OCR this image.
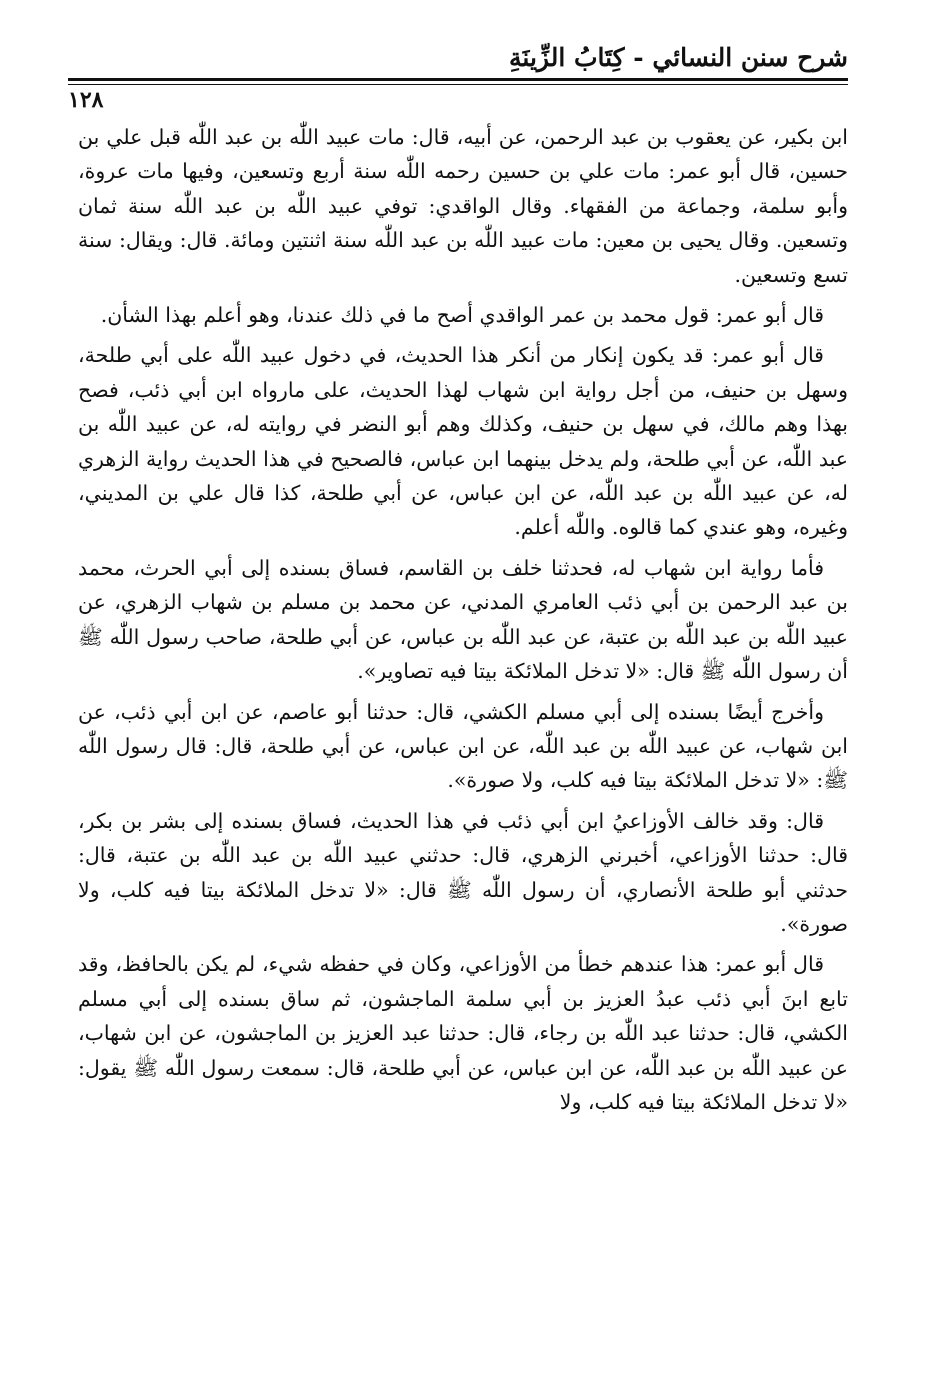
شرح سنن النسائي - كِتَابُ الزِّينَةِ
١٢٨

ابن بكير، عن يعقوب بن عبد الرحمن، عن أبيه، قال: مات عبيد اللّٰه بن عبد اللّٰه قبل علي بن حسين، قال أبو عمر: مات علي بن حسين رحمه اللّٰه سنة أربع وتسعين، وفيها مات عروة، وأبو سلمة، وجماعة من الفقهاء. وقال الواقدي: توفي عبيد اللّٰه بن عبد اللّٰه سنة ثمان وتسعين. وقال يحيى بن معين: مات عبيد اللّٰه بن عبد اللّٰه سنة اثنتين ومائة. قال: ويقال: سنة تسع وتسعين.

قال أبو عمر: قول محمد بن عمر الواقدي أصح ما في ذلك عندنا، وهو أعلم بهذا الشأن.

قال أبو عمر: قد يكون إنكار من أنكر هذا الحديث، في دخول عبيد اللّٰه على أبي طلحة، وسهل بن حنيف، من أجل رواية ابن شهاب لهذا الحديث، على مارواه ابن أبي ذئب، فصح بهذا وهم مالك، في سهل بن حنيف، وكذلك وهم أبو النضر في روايته له، عن عبيد اللّٰه بن عبد اللّٰه، عن أبي طلحة، ولم يدخل بينهما ابن عباس، فالصحيح في هذا الحديث رواية الزهري له، عن عبيد اللّٰه بن عبد اللّٰه، عن ابن عباس، عن أبي طلحة، كذا قال علي بن المديني، وغيره، وهو عندي كما قالوه. واللّٰه أعلم.

فأما رواية ابن شهاب له، فحدثنا خلف بن القاسم، فساق بسنده إلى أبي الحرث، محمد بن عبد الرحمن بن أبي ذئب العامري المدني، عن محمد بن مسلم بن شهاب الزهري، عن عبيد اللّٰه بن عبد اللّٰه بن عتبة، عن عبد اللّٰه بن عباس، عن أبي طلحة، صاحب رسول اللّٰه ﷺ أن رسول اللّٰه ﷺ قال: «لا تدخل الملائكة بيتا فيه تصاوير».

وأخرج أيضًا بسنده إلى أبي مسلم الكشي، قال: حدثنا أبو عاصم، عن ابن أبي ذئب، عن ابن شهاب، عن عبيد اللّٰه بن عبد اللّٰه، عن ابن عباس، عن أبي طلحة، قال: قال رسول اللّٰه ﷺ: «لا تدخل الملائكة بيتا فيه كلب، ولا صورة».

قال: وقد خالف الأوزاعيُ ابن أبي ذئب في هذا الحديث، فساق بسنده إلى بشر بن بكر، قال: حدثنا الأوزاعي، أخبرني الزهري، قال: حدثني عبيد اللّٰه بن عبد اللّٰه بن عتبة، قال: حدثني أبو طلحة الأنصاري، أن رسول اللّٰه ﷺ قال: «لا تدخل الملائكة بيتا فيه كلب، ولا صورة».

قال أبو عمر: هذا عندهم خطأ من الأوزاعي، وكان في حفظه شيء، لم يكن بالحافظ، وقد تابع ابنَ أبي ذئب عبدُ العزيز بن أبي سلمة الماجشون، ثم ساق بسنده إلى أبي مسلم الكشي، قال: حدثنا عبد اللّٰه بن رجاء، قال: حدثنا عبد العزيز بن الماجشون، عن ابن شهاب، عن عبيد اللّٰه بن عبد اللّٰه، عن ابن عباس، عن أبي طلحة، قال: سمعت رسول اللّٰه ﷺ يقول: «لا تدخل الملائكة بيتا فيه كلب، ولا
